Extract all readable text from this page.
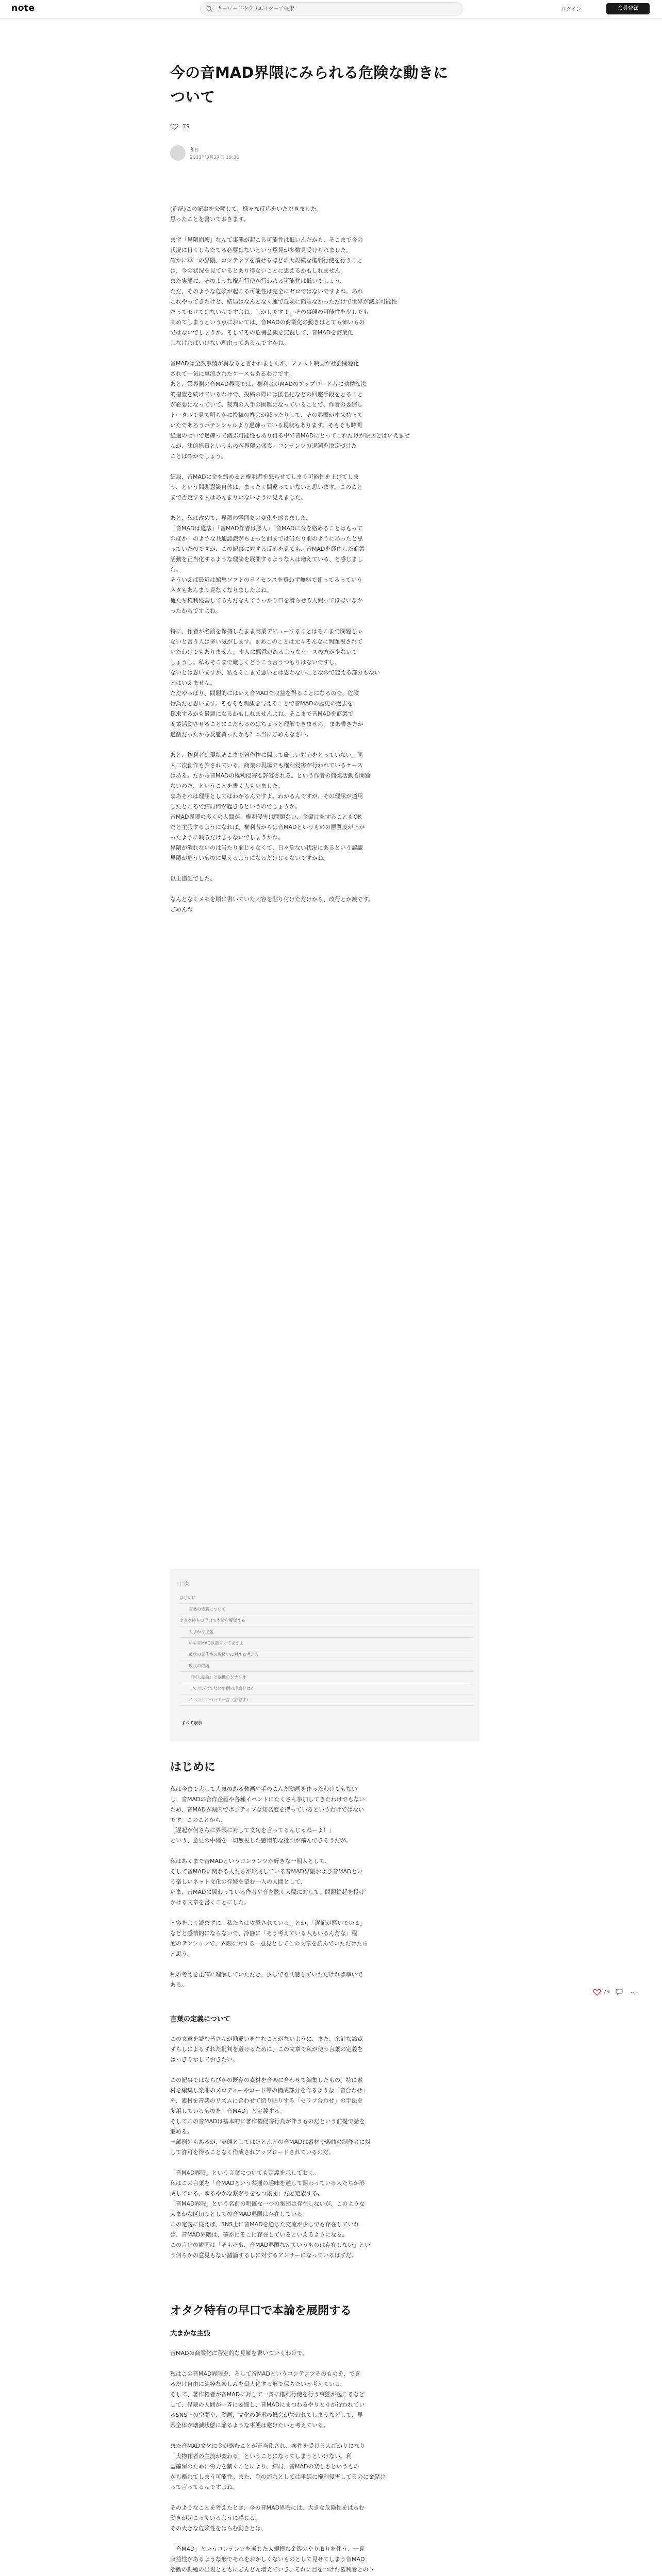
note
キーワードやクリエイターで検索	ログイン	会員登録
今の音MAD界隈にみられる危険な動きに
ついて
79
冬日
2023年3月27日 19:36

(追記)この記事を公開して、様々な反応をいただきました。

思ったことを書いておきます。

まず「界隈崩壊」なんて事態が起こる可能性は低いんだから、そこまで今の

状況に目くじらたてる必要はないという意見が多数見受けられました。

確かに単一の界隈、コンテンツを潰せるほどの大規模な権利行使を行うこと

は、今の状況を見ているとあり得ないことに思えるかもしれません。

また実際に、そのような権利行使が行われる可能性は低いでしょう。

ただ、そのような危険が起こる可能性は完全にゼロではないですよね。あれ

これやってきたけど、結局はなんとなく運で危険に陥らなかっただけで世界が滅ぶ可能性

だってゼロではないんですよね。しかしですよ、その事態の可能性を少しでも

高めてしまうという点においては、音MADの商業化の動きはとても怖いもの

ではないでしょうか。そしてその危機意識を無視して、音MADを商業化

しなければいけない理由ってあるんですかね。

音MADは全然事情が異なると言われましたが、ファスト映画が社会問題化

されて一気に裏流されたケースもあるわけです。

あと、業界側の音MAD界隈では、権利者がMADのアップロード者に執拗な法

的措置を続けているわけで、投稿の際には匿名化などの回避手段をとること

が必要になっていて、裁判の入手の困難になっていることで、作者の委縮し

トータルで見て明らかに投稿の機会が減ったりして、その界隈が本来持って

いたであろうポテンシャルより過疎っている現状もあります。そもそも時間

経過のせいで過疎って滅ぶ可能性もあり得る中で音MADにとってこれだけが原因とはいえませ

んが、法的措置というものが界隈の盛衰、コンテンツの退潮を決定づけた

ことは確かでしょう。

結局、音MADに金を絡めると権利者を怒らせてしまう可能性を上げてしま

う、という問題意識自体は、まったく間違っていないと思います。このこと

まで否定する人はあんまりいないように見えました。

あと、私は改めて、界隈の雰囲気の変化を感じました。

「音MADは違法」「音MAD作者は悪人」「音MADに金を絡めることはもって

のほか」のような共通認識がちょっと前までは当たり前のようにあったと思

っていたのですが、この記事に対する反応を見ても、音MADを経由した商業

活動を正当化するような理論を展開するような人は増えている、と感じまし

た。

そういえば最近は編集ソフトのライセンスを買わず無料で使ってるっていう

ネタもあんまり見なくなりましたよね。

俺たち権利侵害してるんだなんてうっかり口を滑らせる人間ってほぼいなか

ったからですよね。

特に、作者が名前を保持したまま商業デビューすることはそこまで問題じゃ

ないと言う人は多い気がします。まあこのことは元々そんなに問題視されて

いたわけでもありません。本人に悪意があるようなケースの方が少ないで

しょうし。私もそこまで厳しくどうこう言うつもりはないですし、

ないとは思いますが、私もそこまで悪いとは思わないことなので変える部分もない

とはいえません。

ただやっぱり、問題的にはいえ音MADで収益を得ることになるので、危険

行為だと思います。そもそも刺激を与えることで音MADの歴史の過去を

探求するかも最悪になるかもしれませんよね。そこまで音MADを商業で

商業活動させることにこだわるのはちょっと理解できません。まあ書き方が

過激だったから反感買ったかも？本当にごめんなさい。

あと、権利者は現状そこまで著作権に関して厳しい対応をとっていない。同

人二次創作も許されている。商業の現場でも権利侵害が行われているケース

はある。だから音MADの権利侵害も許容される。という作者の商業活動も問題

ないのだ、ということを書く人もいました。

まあそれは理屈としてはわかるんですよ。わかるんですが、その理屈が通用

したところで結局何が起きるというのでしょうか。

音MAD界隈の多くの人間が、権利侵害は問題ない、金儲けをすることもOK

だと主張するようになれば、権利者からは音MADというものの悪質度が上が

ったように映るだけじゃないでしょうかね。

界隈が潰れないのは当たり前じゃなくて、日々危ない状況にあるという認識

界隈が危ういものに見えるようになるだけじゃないですかね。

以上追記でした。

なんとなくメモを順に書いていた内容を貼り付けただけから、改行とか雑です。

ごめんね

目次
はじめに
言葉の定義について
オタク特有の早口で本論を展開する
大まかな主張
いや音MAD以前言ってますよ
現状の著作権の取扱いに対する考え方
現状の問題
『同人誌論』と危機のシナリオ
して言いはてない事柄の理論とは？
イベントについて一言（独善す）
すべて表示
はじめに

私は今まで大して人気のある動画や手のこんだ動画を作ったわけでもない

し、音MADの合作企画や各種イベントにたくさん参加してきたわけでもない

ため、音MAD界隈内でポジティブな知名度を持っているというわけではない

です。このことから、

「遅起が何さらに界隈に対して文句を言ってるんじゃねーよ！」

という、意見の中傷を一切無視した感情的な批判が飛んできそうだが。

私はあくまで音MADというコンテンツが好きな一個人として、

そして音MADに関わる人たちが形成している音MAD界隈および音MADとい

う楽しいネット文化の存続を望む一人の人間として、

いま、音MADに関わっている作者や音を聴く人間に対して、問題提起を投げ

かける文章を書くことにした。

内容をよく読まずに「私たちは攻撃されている」とか、「遅記が騒いでいる」

などと感情的にならないで、冷静に「そう考えている人もいるんだな」程

度のテンションで、界隈に対する一意見としてこの文章を読んでいただけたら

と思う。

私の考えを正確に理解していただき、少しでも共感していただければ幸いで

ある。

言葉の定義について

この文章を読む皆さんが勘違いを生むことがないように、また、余計な論点

ずらしによるずれた批判を避けるために、この文章で私が使う言葉の定義を

はっきり示しておきたい。

この記事ではならびかの既存の素材を音楽に合わせて編集したもの、特に素

材を編集し楽曲のメロディーやコード等の構成部分を作るような「音合わせ」

や、素材を音楽のリズムに合わせて切り貼りする「セリフ合わせ」の手法を

多用しているものを「音MAD」と定義する。

そしてこの音MADは基本的に著作権侵害行為が伴うものだという前提で話を

進める。

一部例外もあるが、実態としてはほとんどの音MADは素材や楽曲の制作者に対

して許可を得ることなく作成されアップロードされているのだ。

「音MAD界隈」という言葉についても定義を示しておく。

私はこの言葉を「音MADという共通の趣味を通して関わっている人たちが形

成している、ゆるやかな繋がりをもつ集団」だと定義する。

「音MAD界隈」という名前の明確な一つの集団は存在しないが、このような

大まかな区切りとしての音MAD界隈は存在している。

この定義に従えば、SNS上に音MADを通じた交流が少しでも存在していれ

ば、音MAD界隈は、確かにそこに存在しているといえるようになる。

この言葉の説明は「そもそも、音MAD界隈なんていうものは存在しない」とい

う何らかの意見もない議論するしに対するアンサーになっているはずだ。

オタク特有の早口で本論を展開する
大まかな主張

音MADの商業化に否定的な見解を書いていくわけで。

私はこの音MAD界隈を、そして音MADというコンテンツそのものを、でき

るだけ自由に純粋な楽しみを最大化する形で保ちたいと考えている。

そして、著作権者が音MADに対して一斉に権利行使を行う事態が起こるなど

して、界隈の人間が一斉に委縮し、音MADにまつわるやりとりが行われてい

るSNS上の空間や、動画、文化の継承の機会が失われてしまうなどして、界

隈全体が壊滅状態に陥るような事態は避けたいと考えている。

また音MAD文化に金が絡むことが正当化され、案件を受ける人ばかりになり

「大物作者の主流が変わる」ということになってしまうといけない。利

益確保のために労力を割くことにより、結局、音MADの楽しさというもの

から離れてしまう可能性。また、金の流れとしては単純に権利侵害してるのに金儲け

って言ってるんですよね。

そのようなことを考えたとき、今の音MAD界隈には、大きな危険性をはらむ

動きが起こっているように感じる。

その大きな危険性をはらむ動きとは、

「音MAD」というコンテンツを通じた大規模な金銭のやり取りを伴う、一見

収益性があるような形でそれをおかしくないものとして見せてしまう音MAD

活動の勤勉の出現とともにどんどん増えていき、それに目をつけた権利者とのト

79	…
